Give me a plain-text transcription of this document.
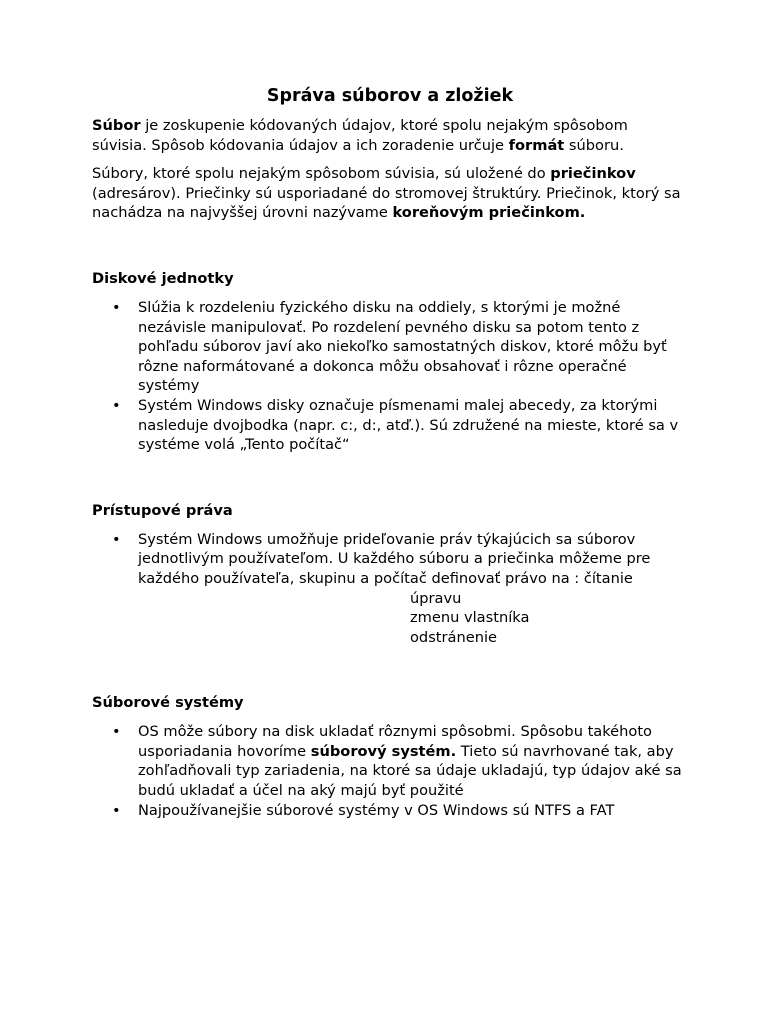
Správa súborov a zložiek

Súbor je zoskupenie kódovaných údajov, ktoré spolu nejakým spôsobom súvisia. Spôsob kódovania údajov a ich zoradenie určuje formát súboru.

Súbory, ktoré spolu nejakým spôsobom súvisia, sú uložené do priečinkov (adresárov). Priečinky sú usporiadané do stromovej štruktúry. Priečinok, ktorý sa nachádza na najvyššej úrovni nazývame koreňovým priečinkom.

Diskové jednotky
• Slúžia k rozdeleniu fyzického disku na oddiely, s ktorými je možné nezávisle manipulovať. Po rozdelení pevného disku sa potom tento z pohľadu súborov javí ako niekoľko samostatných diskov, ktoré môžu byť rôzne naformátované a dokonca môžu obsahovať i rôzne operačné systémy
• Systém Windows disky označuje písmenami malej abecedy, za ktorými nasleduje dvojbodka (napr. c:, d:, atď.). Sú združené na mieste, ktoré sa v systéme volá „Tento počítač“
Prístupové práva
• Systém Windows umožňuje prideľovanie práv týkajúcich sa súborov jednotlivým používateľom. U každého súboru a priečinka môžeme pre každého používateľa, skupinu a počítač definovať právo na : čítanie
úpravu
zmenu vlastníka
odstránenie
Súborové systémy
• OS môže súbory na disk ukladať rôznymi spôsobmi. Spôsobu takéhoto usporiadania hovoríme súborový systém. Tieto sú navrhované tak, aby zohľadňovali typ zariadenia, na ktoré sa údaje ukladajú, typ údajov aké sa budú ukladať a účel na aký majú byť použité
• Najpoužívanejšie súborové systémy v OS Windows sú NTFS a FAT
